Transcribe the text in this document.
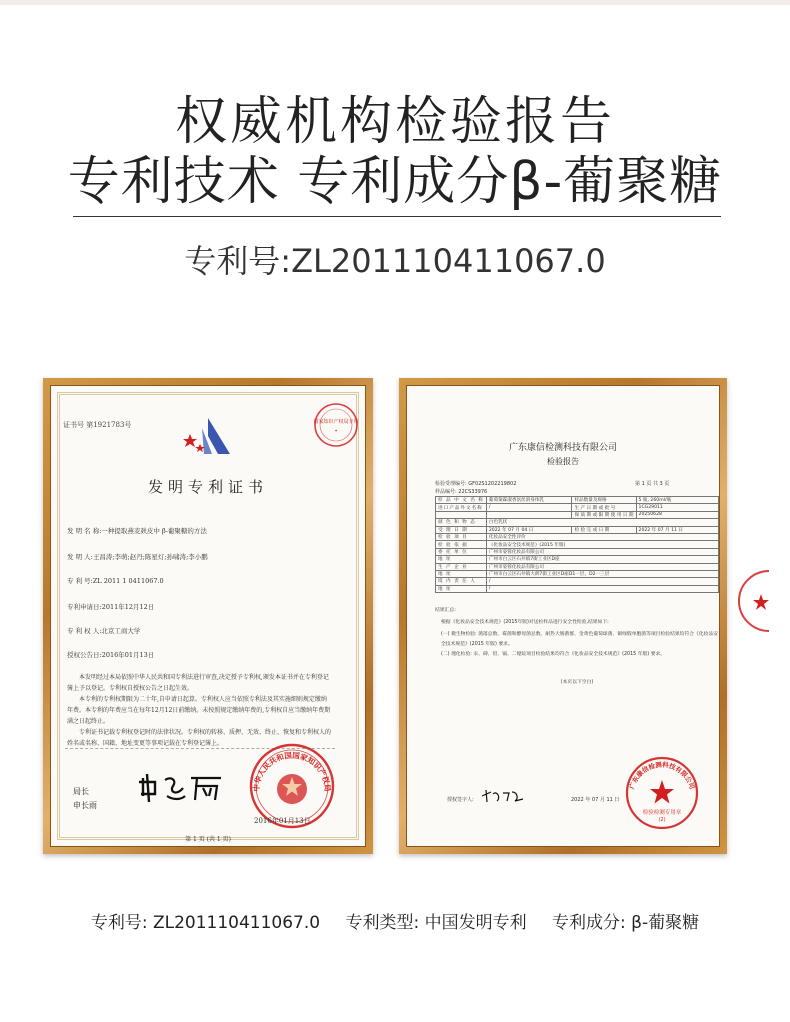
权威机构检验报告
专利技术 专利成分β-葡聚糖
专利号:ZL201110411067.0
证书号 第1921783号	国家知识产权局专用
✦
发明专利证书
发 明 名 称:一种提取燕麦麸皮中 β-葡聚糖的方法
发 明 人:王昌涛;李萌;赵丹;陈星灯;孙啸涛;李小鹏
专 利 号:ZL 2011 1 0411067.0
专利申请日:2011年12月12日
专 利 权 人:北京工商大学
授权公告日:2016年01月13日

本发明经过本局依照中华人民共和国专利法进行审查,决定授予专利权,颁发本证书并在专利登记簿上予以登记。专利权自授权公告之日起生效。

本专利的专利权期限为二十年,自申请日起算。专利权人应当依照专利法及其实施细则规定缴纳年费。本专利的年费应当在每年12月12日前缴纳。未按照规定缴纳年费的,专利权自应当缴纳年费期满之日起终止。

专利证书记载专利权登记时的法律状况。专利权的转移、质押、无效、终止、恢复和专利权人的姓名或名称、国籍、地址变更等事项记载在专利登记簿上。

局长
申长雨
中华人民共和国国家知识产权局
2016年01月13日
第 1 页 (共 1 页)
广东康信检测科技有限公司
检验报告
检验受理编号: GF02S1202219802	第 1 页 共 3 页
样品编号: 22CS33976
样 品 中 文 名 称	葡萄菊霖淑香氛丝滑身体乳	样品数量及规格	5 瓶, 260ml/瓶
进口产品外文名称	/	生 产 日 期 或 批 号	1CG29011
		保 质 期 或 限 期 使 用 日 期	20250628
颜 色 和 物 态	白色乳状		
受 理 日 期	2022 年 07 月 04 日	检 验 完 成 日 期	2022 年 07 月 11 日
检 验 项 目	化妆品安全性评价		
检 验 依 据	《化妆品安全技术规范》(2015 年版)		
委 托 单 位	广州市姿蓉化妆品有限公司		
地 址	广州市白云区石井镇7街工业区D座		
生 产 企 业	广州市姿蓉化妆品有限公司		
地 址	广州市白云区石井镇大朗7街工业区D座D1一层、D2一三层		
境 内 责 任 人	/		
地 址	/		
结果汇总:
根据《化妆品安全技术规范》(2015年版)对送检样品进行安全性检验,结果如下:
(一) 微生物检验: 菌落总数、霉菌和酵母菌总数、耐热大肠菌群、金黄色葡萄球菌、铜绿假单胞菌等项目检验结果均符合《化妆品安全技术规范》(2015 年版) 要求。
(二) 理化检验: 汞、砷、铅、镉、二噁烷项目检验结果均符合《化妆品安全技术规范》(2015 年版) 要求。
(本页以下空白)
授权签字人:
宋津鸣
2022 年 07 月 11 日
广东康信检测科技有限公司
检验检测专用章
(2)
专利号: ZL201110411067.0 专利类型: 中国发明专利 专利成分: β-葡聚糖
